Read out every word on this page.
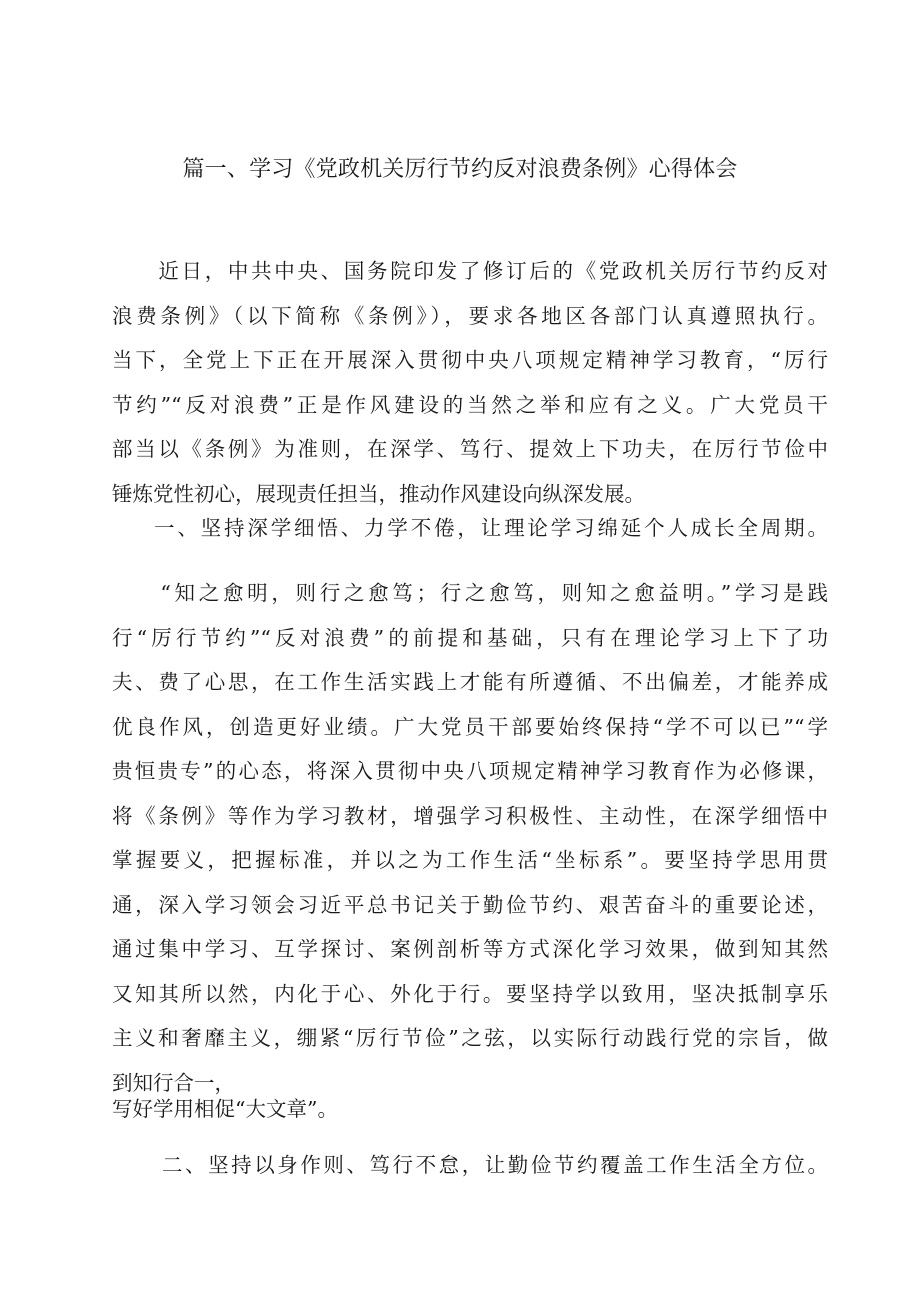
篇一、学习《党政机关厉行节约反对浪费条例》心得体会
　　近日，中共中央、国务院印发了修订后的《党政机关厉行节约反对
浪费条例》（以下简称《条例》），要求各地区各部门认真遵照执行。
当下，全党上下正在开展深入贯彻中央八项规定精神学习教育，“厉行
节约”“反对浪费”正是作风建设的当然之举和应有之义。广大党员干
部当以《条例》为准则，在深学、笃行、提效上下功夫，在厉行节俭中
锤炼党性初心，展现责任担当，推动作风建设向纵深发展。
一、坚持深学细悟、力学不倦，让理论学习绵延个人成长全周期。
　　“知之愈明，则行之愈笃；行之愈笃，则知之愈益明。”学习是践
行“厉行节约”“反对浪费”的前提和基础，只有在理论学习上下了功
夫、费了心思，在工作生活实践上才能有所遵循、不出偏差，才能养成
优良作风，创造更好业绩。广大党员干部要始终保持“学不可以已”“学
贵恒贵专”的心态，将深入贯彻中央八项规定精神学习教育作为必修课，
将《条例》等作为学习教材，增强学习积极性、主动性，在深学细悟中
掌握要义，把握标准，并以之为工作生活“坐标系”。要坚持学思用贯
通，深入学习领会习近平总书记关于勤俭节约、艰苦奋斗的重要论述，
通过集中学习、互学探讨、案例剖析等方式深化学习效果，做到知其然
又知其所以然，内化于心、外化于行。要坚持学以致用，坚决抵制享乐
主义和奢靡主义，绷紧“厉行节俭”之弦，以实际行动践行党的宗旨，做
到知行合一，
写好学用相促“大文章”。
二、坚持以身作则、笃行不怠，让勤俭节约覆盖工作生活全方位。
